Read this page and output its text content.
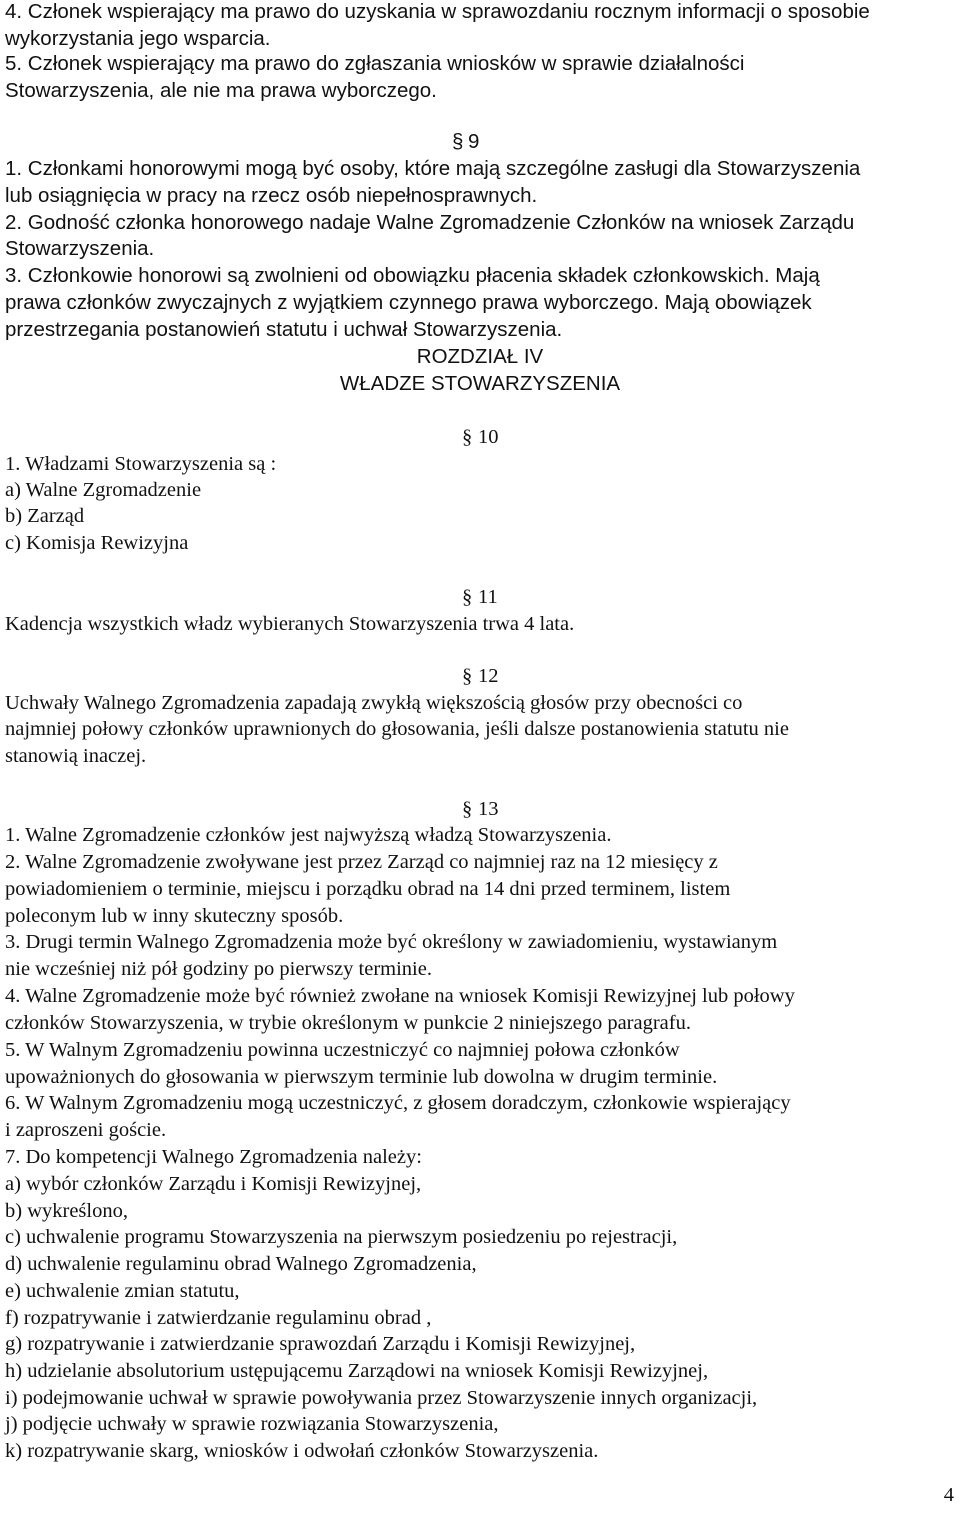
4. Członek wspierający ma prawo do uzyskania w sprawozdaniu rocznym informacji o sposobie
wykorzystania jego wsparcia.
5. Członek wspierający ma prawo do zgłaszania wniosków w sprawie działalności
Stowarzyszenia, ale nie ma prawa wyborczego.
§ 9
1. Członkami honorowymi mogą być osoby, które mają szczególne zasługi dla Stowarzyszenia
lub osiągnięcia w pracy na rzecz osób niepełnosprawnych.
2. Godność członka honorowego nadaje Walne Zgromadzenie Członków na wniosek Zarządu
Stowarzyszenia.
3. Członkowie honorowi są zwolnieni od obowiązku płacenia składek członkowskich. Mają
prawa członków zwyczajnych z wyjątkiem czynnego prawa wyborczego. Mają obowiązek
przestrzegania postanowień statutu i uchwał Stowarzyszenia.
ROZDZIAŁ IV
WŁADZE STOWARZYSZENIA
§ 10
1. Władzami Stowarzyszenia są :
a) Walne Zgromadzenie
b) Zarząd
c) Komisja Rewizyjna
§ 11
Kadencja wszystkich władz wybieranych Stowarzyszenia trwa 4 lata.
§ 12
Uchwały Walnego Zgromadzenia zapadają zwykłą większością głosów przy obecności co
najmniej połowy członków uprawnionych do głosowania, jeśli dalsze postanowienia statutu nie
stanowią inaczej.
§ 13
1. Walne Zgromadzenie członków jest najwyższą władzą Stowarzyszenia.
2. Walne Zgromadzenie zwoływane jest przez Zarząd co najmniej raz na 12 miesięcy z
powiadomieniem o terminie, miejscu i porządku obrad na 14 dni przed terminem, listem
poleconym lub w inny skuteczny sposób.
3. Drugi termin Walnego Zgromadzenia może być określony w zawiadomieniu, wystawianym
nie wcześniej niż pół godziny po pierwszy terminie.
4. Walne Zgromadzenie może być również zwołane na wniosek Komisji Rewizyjnej lub połowy
członków Stowarzyszenia, w trybie określonym w punkcie 2 niniejszego paragrafu.
5. W Walnym Zgromadzeniu powinna uczestniczyć co najmniej połowa członków
upoważnionych do głosowania w pierwszym terminie lub dowolna w drugim terminie.
6. W Walnym Zgromadzeniu mogą uczestniczyć, z głosem doradczym, członkowie wspierający
i zaproszeni goście.
7. Do kompetencji Walnego Zgromadzenia należy:
a) wybór członków Zarządu i Komisji Rewizyjnej,
b) wykreślono,
c) uchwalenie programu Stowarzyszenia na pierwszym posiedzeniu po rejestracji,
d) uchwalenie regulaminu obrad Walnego Zgromadzenia,
e) uchwalenie zmian statutu,
f) rozpatrywanie i zatwierdzanie regulaminu obrad ,
g) rozpatrywanie i zatwierdzanie sprawozdań Zarządu i Komisji Rewizyjnej,
h) udzielanie absolutorium ustępującemu Zarządowi na wniosek Komisji Rewizyjnej,
i) podejmowanie uchwał w sprawie powoływania przez Stowarzyszenie innych organizacji,
j) podjęcie uchwały w sprawie rozwiązania Stowarzyszenia,
k) rozpatrywanie skarg, wniosków i odwołań członków Stowarzyszenia.
4
